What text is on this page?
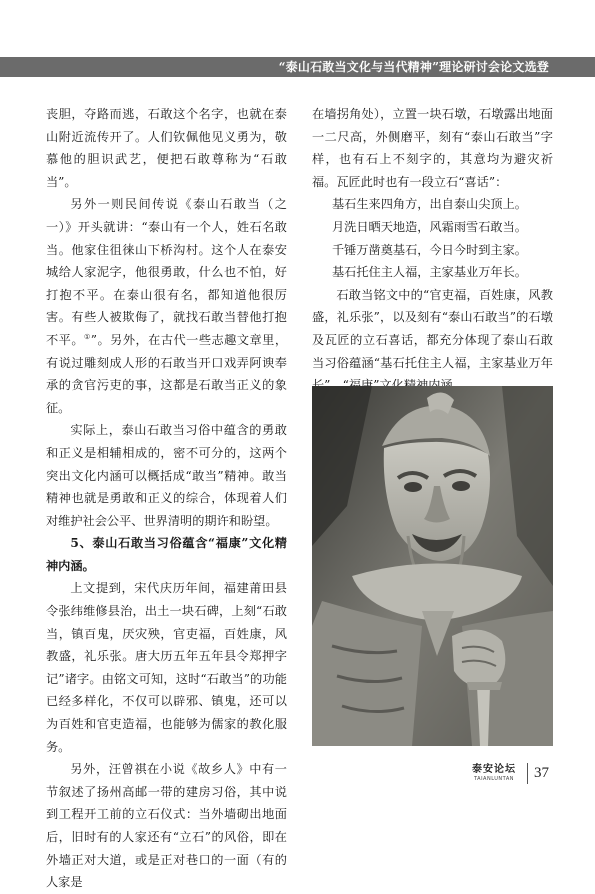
“泰山石敢当文化与当代精神”理论研讨会论文选登

丧胆，夺路而逃，石敢这个名字，也就在泰山附近流传开了。人们钦佩他见义勇为，敬慕他的胆识武艺，便把石敢尊称为“石敢当”。

另外一则民间传说《泰山石敢当（之一）》开头就讲：“泰山有一个人，姓石名敢当。他家住徂徕山下桥沟村。这个人在泰安城给人家泥字，他很勇敢，什么也不怕，好打抱不平。在泰山很有名，都知道他很厉害。有些人被欺侮了，就找石敢当替他打抱不平。①”。另外，在古代一些志趣文章里，有说过雕刻成人形的石敢当开口戏弄阿谀奉承的贪官污吏的事，这都是石敢当正义的象征。

实际上，泰山石敢当习俗中蕴含的勇敢和正义是相辅相成的，密不可分的，这两个突出文化内涵可以概括成“敢当”精神。敢当精神也就是勇敢和正义的综合，体现着人们对维护社会公平、世界清明的期许和盼望。

5、泰山石敢当习俗蕴含“福康”文化精神内涵。

上文提到，宋代庆历年间，福建莆田县令张纬维修县治，出土一块石碑，上刻“石敢当，镇百鬼，厌灾殃，官吏福，百姓康，风教盛，礼乐张。唐大历五年五年县令郑押字记”诸字。由铭文可知，这时“石敢当”的功能已经多样化，不仅可以辟邪、镇鬼，还可以为百姓和官吏造福，也能够为儒家的教化服务。

另外，汪曾祺在小说《故乡人》中有一节叙述了扬州高邮一带的建房习俗，其中说到工程开工前的立石仪式：当外墙砌出地面后，旧时有的人家还有“立石”的风俗，即在外墙正对大道，或是正对巷口的一面（有的人家是

在墙拐角处），立置一块石墩，石墩露出地面一二尺高，外侧磨平，刻有“泰山石敢当”字样，也有石上不刻字的，其意均为避灾祈福。瓦匠此时也有一段立石“喜话”：

基石生来四角方，出自泰山尖顶上。

月洗日晒天地造，风霜雨雪石敢当。

千锤万凿奠基石，今日今时到主家。

基石托住主人福，主家基业万年长。

石敢当铭文中的“官吏福，百姓康，风教盛，礼乐张”，以及刻有“泰山石敢当”的石墩及瓦匠的立石喜话，都充分体现了泰山石敢当习俗蕴涵“基石托住主人福，主家基业万年

泰安论坛
TAIANLUNTAN	37
